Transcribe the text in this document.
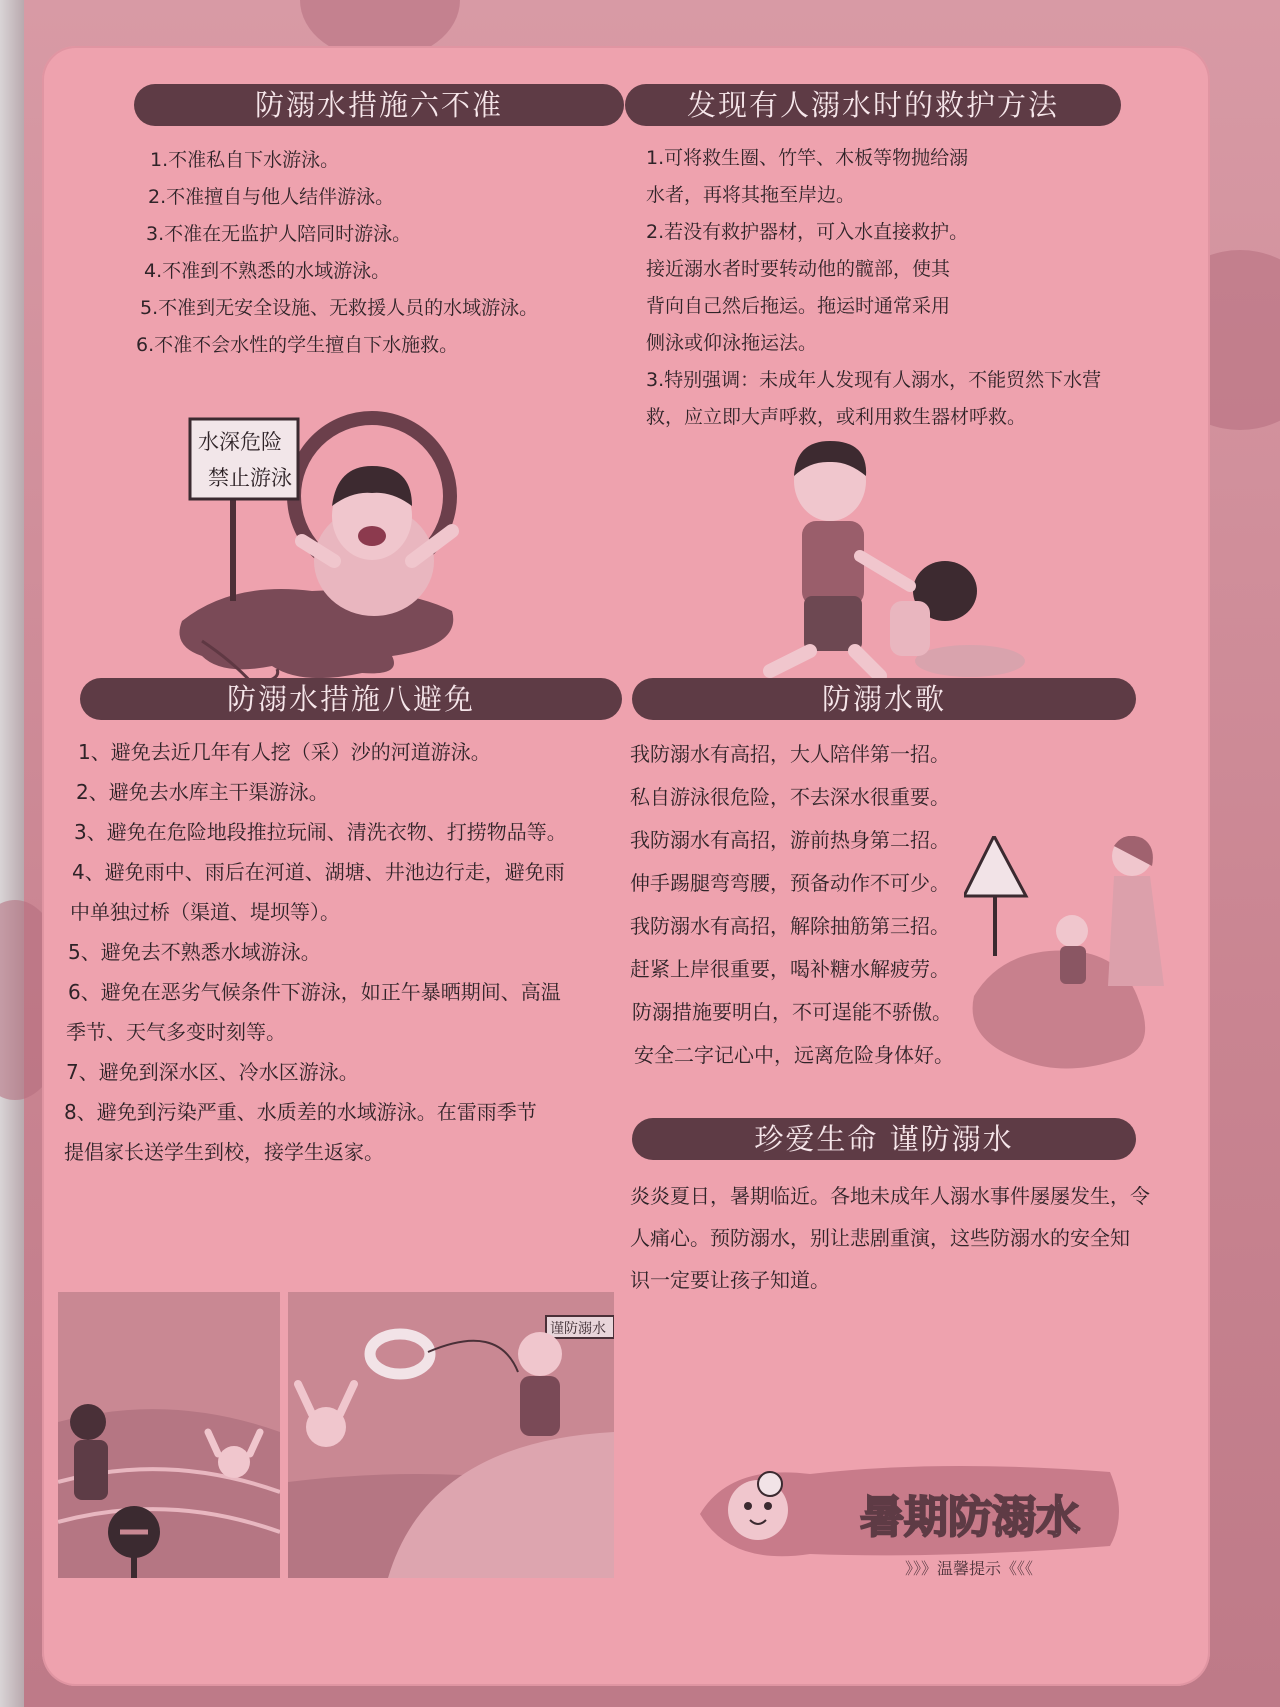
防溺水措施六不准
1.不准私自下水游泳。
2.不准擅自与他人结伴游泳。
3.不准在无监护人陪同时游泳。
4.不准到不熟悉的水域游泳。
5.不准到无安全设施、无救援人员的水域游泳。
6.不准不会水性的学生擅自下水施救。
水深危险
禁止游泳
发现有人溺水时的救护方法
1.可将救生圈、竹竿、木板等物抛给溺
水者，再将其拖至岸边。
2.若没有救护器材，可入水直接救护。
接近溺水者时要转动他的髋部，使其
背向自己然后拖运。拖运时通常采用
侧泳或仰泳拖运法。
3.特别强调：未成年人发现有人溺水，不能贸然下水营
救，应立即大声呼救，或利用救生器材呼救。
防溺水措施八避免
1、避免去近几年有人挖（采）沙的河道游泳。
2、避免去水库主干渠游泳。
3、避免在危险地段推拉玩闹、清洗衣物、打捞物品等。
4、避免雨中、雨后在河道、湖塘、井池边行走，避免雨
中单独过桥（渠道、堤坝等）。
5、避免去不熟悉水域游泳。
6、避免在恶劣气候条件下游泳，如正午暴晒期间、高温
季节、天气多变时刻等。
7、避免到深水区、冷水区游泳。
8、避免到污染严重、水质差的水域游泳。在雷雨季节
提倡家长送学生到校，接学生返家。
谨防溺水
防溺水歌
我防溺水有高招，大人陪伴第一招。
私自游泳很危险，不去深水很重要。
我防溺水有高招，游前热身第二招。
伸手踢腿弯弯腰，预备动作不可少。
我防溺水有高招，解除抽筋第三招。
赶紧上岸很重要，喝补糖水解疲劳。
防溺措施要明白，不可逞能不骄傲。
安全二字记心中，远离危险身体好。
珍爱生命 谨防溺水
炎炎夏日，暑期临近。各地未成年人溺水事件屡屡发生，令
人痛心。预防溺水，别让悲剧重演，这些防溺水的安全知
识一定要让孩子知道。
暑期防溺水
》》》温馨提示《《《
